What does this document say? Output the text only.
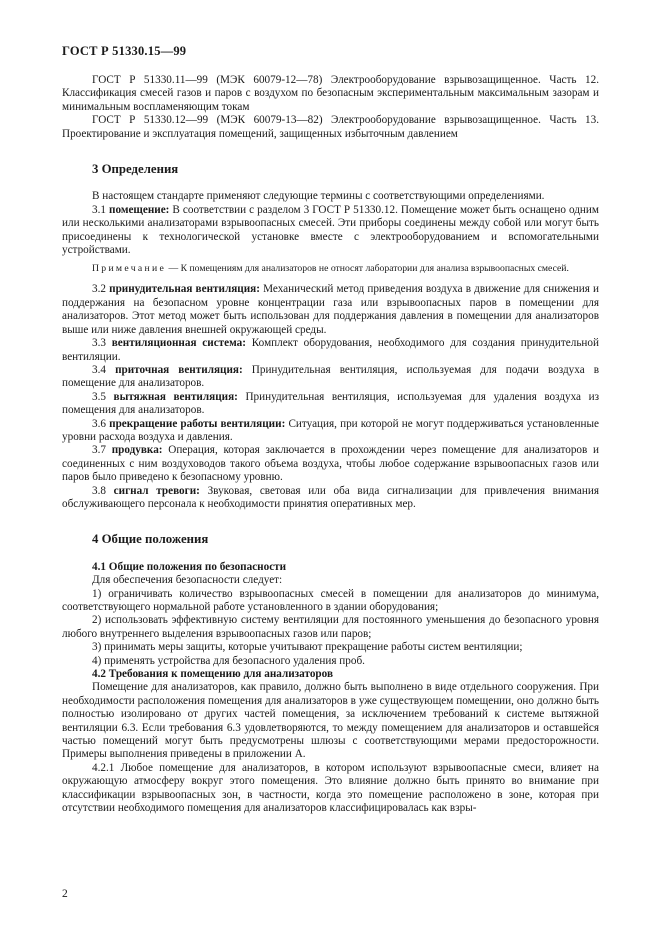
ГОСТ Р 51330.15—99

ГОСТ Р 51330.11—99 (МЭК 60079-12—78) Электрооборудование взрывозащищенное. Часть 12. Классификация смесей газов и паров с воздухом по безопасным экспериментальным максимальным зазорам и минимальным воспламеняющим токам

ГОСТ Р 51330.12—99 (МЭК 60079-13—82) Электрооборудование взрывозащищенное. Часть 13. Проектирование и эксплуатация помещений, защищенных избыточным давлением

3 Определения

В настоящем стандарте применяют следующие термины с соответствующими определениями.

3.1 помещение: В соответствии с разделом 3 ГОСТ Р 51330.12. Помещение может быть оснащено одним или несколькими анализаторами взрывоопасных смесей. Эти приборы соединены между собой или могут быть присоединены к технологической установке вместе с электрооборудованием и вспомогательными устройствами.

Примечание — К помещениям для анализаторов не относят лаборатории для анализа взрывоопасных смесей.

3.2 принудительная вентиляция: Механический метод приведения воздуха в движение для снижения и поддержания на безопасном уровне концентрации газа или взрывоопасных паров в помещении для анализаторов. Этот метод может быть использован для поддержания давления в помещении для анализаторов выше или ниже давления внешней окружающей среды.

3.3 вентиляционная система: Комплект оборудования, необходимого для создания принудительной вентиляции.

3.4 приточная вентиляция: Принудительная вентиляция, используемая для подачи воздуха в помещение для анализаторов.

3.5 вытяжная вентиляция: Принудительная вентиляция, используемая для удаления воздуха из помещения для анализаторов.

3.6 прекращение работы вентиляции: Ситуация, при которой не могут поддерживаться установленные уровни расхода воздуха и давления.

3.7 продувка: Операция, которая заключается в прохождении через помещение для анализаторов и соединенных с ним воздуховодов такого объема воздуха, чтобы любое содержание взрывоопасных газов или паров было приведено к безопасному уровню.

3.8 сигнал тревоги: Звуковая, световая или оба вида сигнализации для привлечения внимания обслуживающего персонала к необходимости принятия оперативных мер.

4 Общие положения
4.1 Общие положения по безопасности

Для обеспечения безопасности следует:

1) ограничивать количество взрывоопасных смесей в помещении для анализаторов до минимума, соответствующего нормальной работе установленного в здании оборудования;

2) использовать эффективную систему вентиляции для постоянного уменьшения до безопасного уровня любого внутреннего выделения взрывоопасных газов или паров;

3) принимать меры защиты, которые учитывают прекращение работы систем вентиляции;

4) применять устройства для безопасного удаления проб.

4.2 Требования к помещению для анализаторов

Помещение для анализаторов, как правило, должно быть выполнено в виде отдельного сооружения. При необходимости расположения помещения для анализаторов в уже существующем помещении, оно должно быть полностью изолировано от других частей помещения, за исключением требований к системе вытяжной вентиляции 6.3. Если требования 6.3 удовлетворяются, то между помещением для анализаторов и оставшейся частью помещений могут быть предусмотрены шлюзы с соответствующими мерами предосторожности. Примеры выполнения приведены в приложении А.

4.2.1 Любое помещение для анализаторов, в котором используют взрывоопасные смеси, влияет на окружающую атмосферу вокруг этого помещения. Это влияние должно быть принято во внимание при классификации взрывоопасных зон, в частности, когда это помещение расположено в зоне, которая при отсутствии необходимого помещения для анализаторов классифицировалась как взры-

2
